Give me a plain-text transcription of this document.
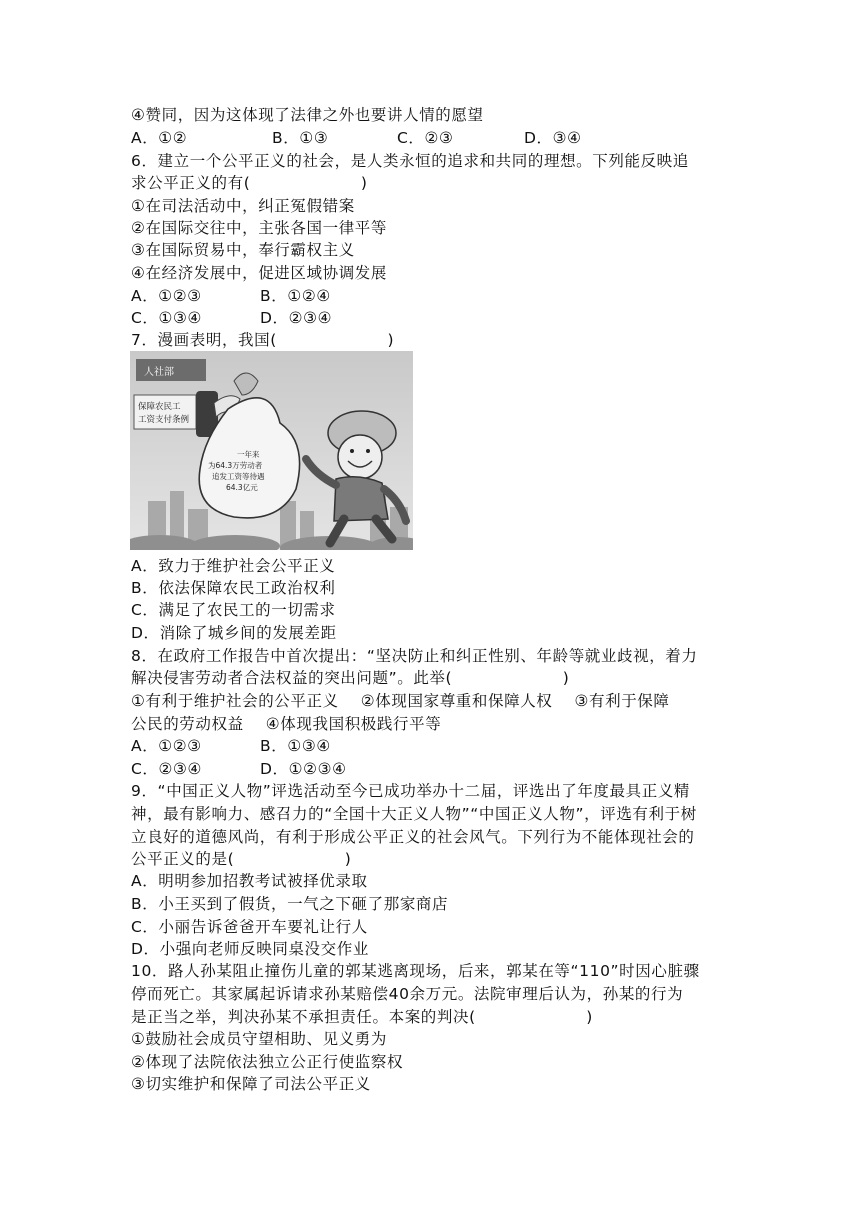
④赞同，因为这体现了法律之外也要讲人情的愿望

A．①②

	B．①③

	C．②③

	D．③④

6．建立一个公平正义的社会，是人类永恒的追求和共同的理想。下列能反映追
求公平正义的有(                    )
①在司法活动中，纠正冤假错案
②在国际交往中，主张各国一律平等
③在国际贸易中，奉行霸权主义
④在经济发展中，促进区域协调发展

A．①②③

	B．①②④

C．①③④

	D．②③④

7．漫画表明，我国(                    )
人社部
保障农民工
工资支付条例
一年来
为64.3万劳动者
追发工资等待遇
64.3亿元
A．致力于维护社会公平正义
B．依法保障农民工政治权利
C．满足了农民工的一切需求
D．消除了城乡间的发展差距
8．在政府工作报告中首次提出：“坚决防止和纠正性别、年龄等就业歧视，着力
解决侵害劳动者合法权益的突出问题”。此举(                    )
①有利于维护社会的公平正义    ②体现国家尊重和保障人权    ③有利于保障
公民的劳动权益    ④体现我国积极践行平等

A．①②③

	B．①③④

C．②③④

	D．①②③④

9．“中国正义人物”评选活动至今已成功举办十二届，评选出了年度最具正义精
神，最有影响力、感召力的“全国十大正义人物”“中国正义人物”，评选有利于树
立良好的道德风尚，有利于形成公平正义的社会风气。下列行为不能体现社会的
公平正义的是(                    )
A．明明参加招教考试被择优录取
B．小王买到了假货，一气之下砸了那家商店
C．小丽告诉爸爸开车要礼让行人
D．小强向老师反映同桌没交作业
10．路人孙某阻止撞伤儿童的郭某逃离现场，后来，郭某在等“110”时因心脏骤
停而死亡。其家属起诉请求孙某赔偿40余万元。法院审理后认为，孙某的行为
是正当之举，判决孙某不承担责任。本案的判决(                    )
①鼓励社会成员守望相助、见义勇为
②体现了法院依法独立公正行使监察权
③切实维护和保障了司法公平正义
